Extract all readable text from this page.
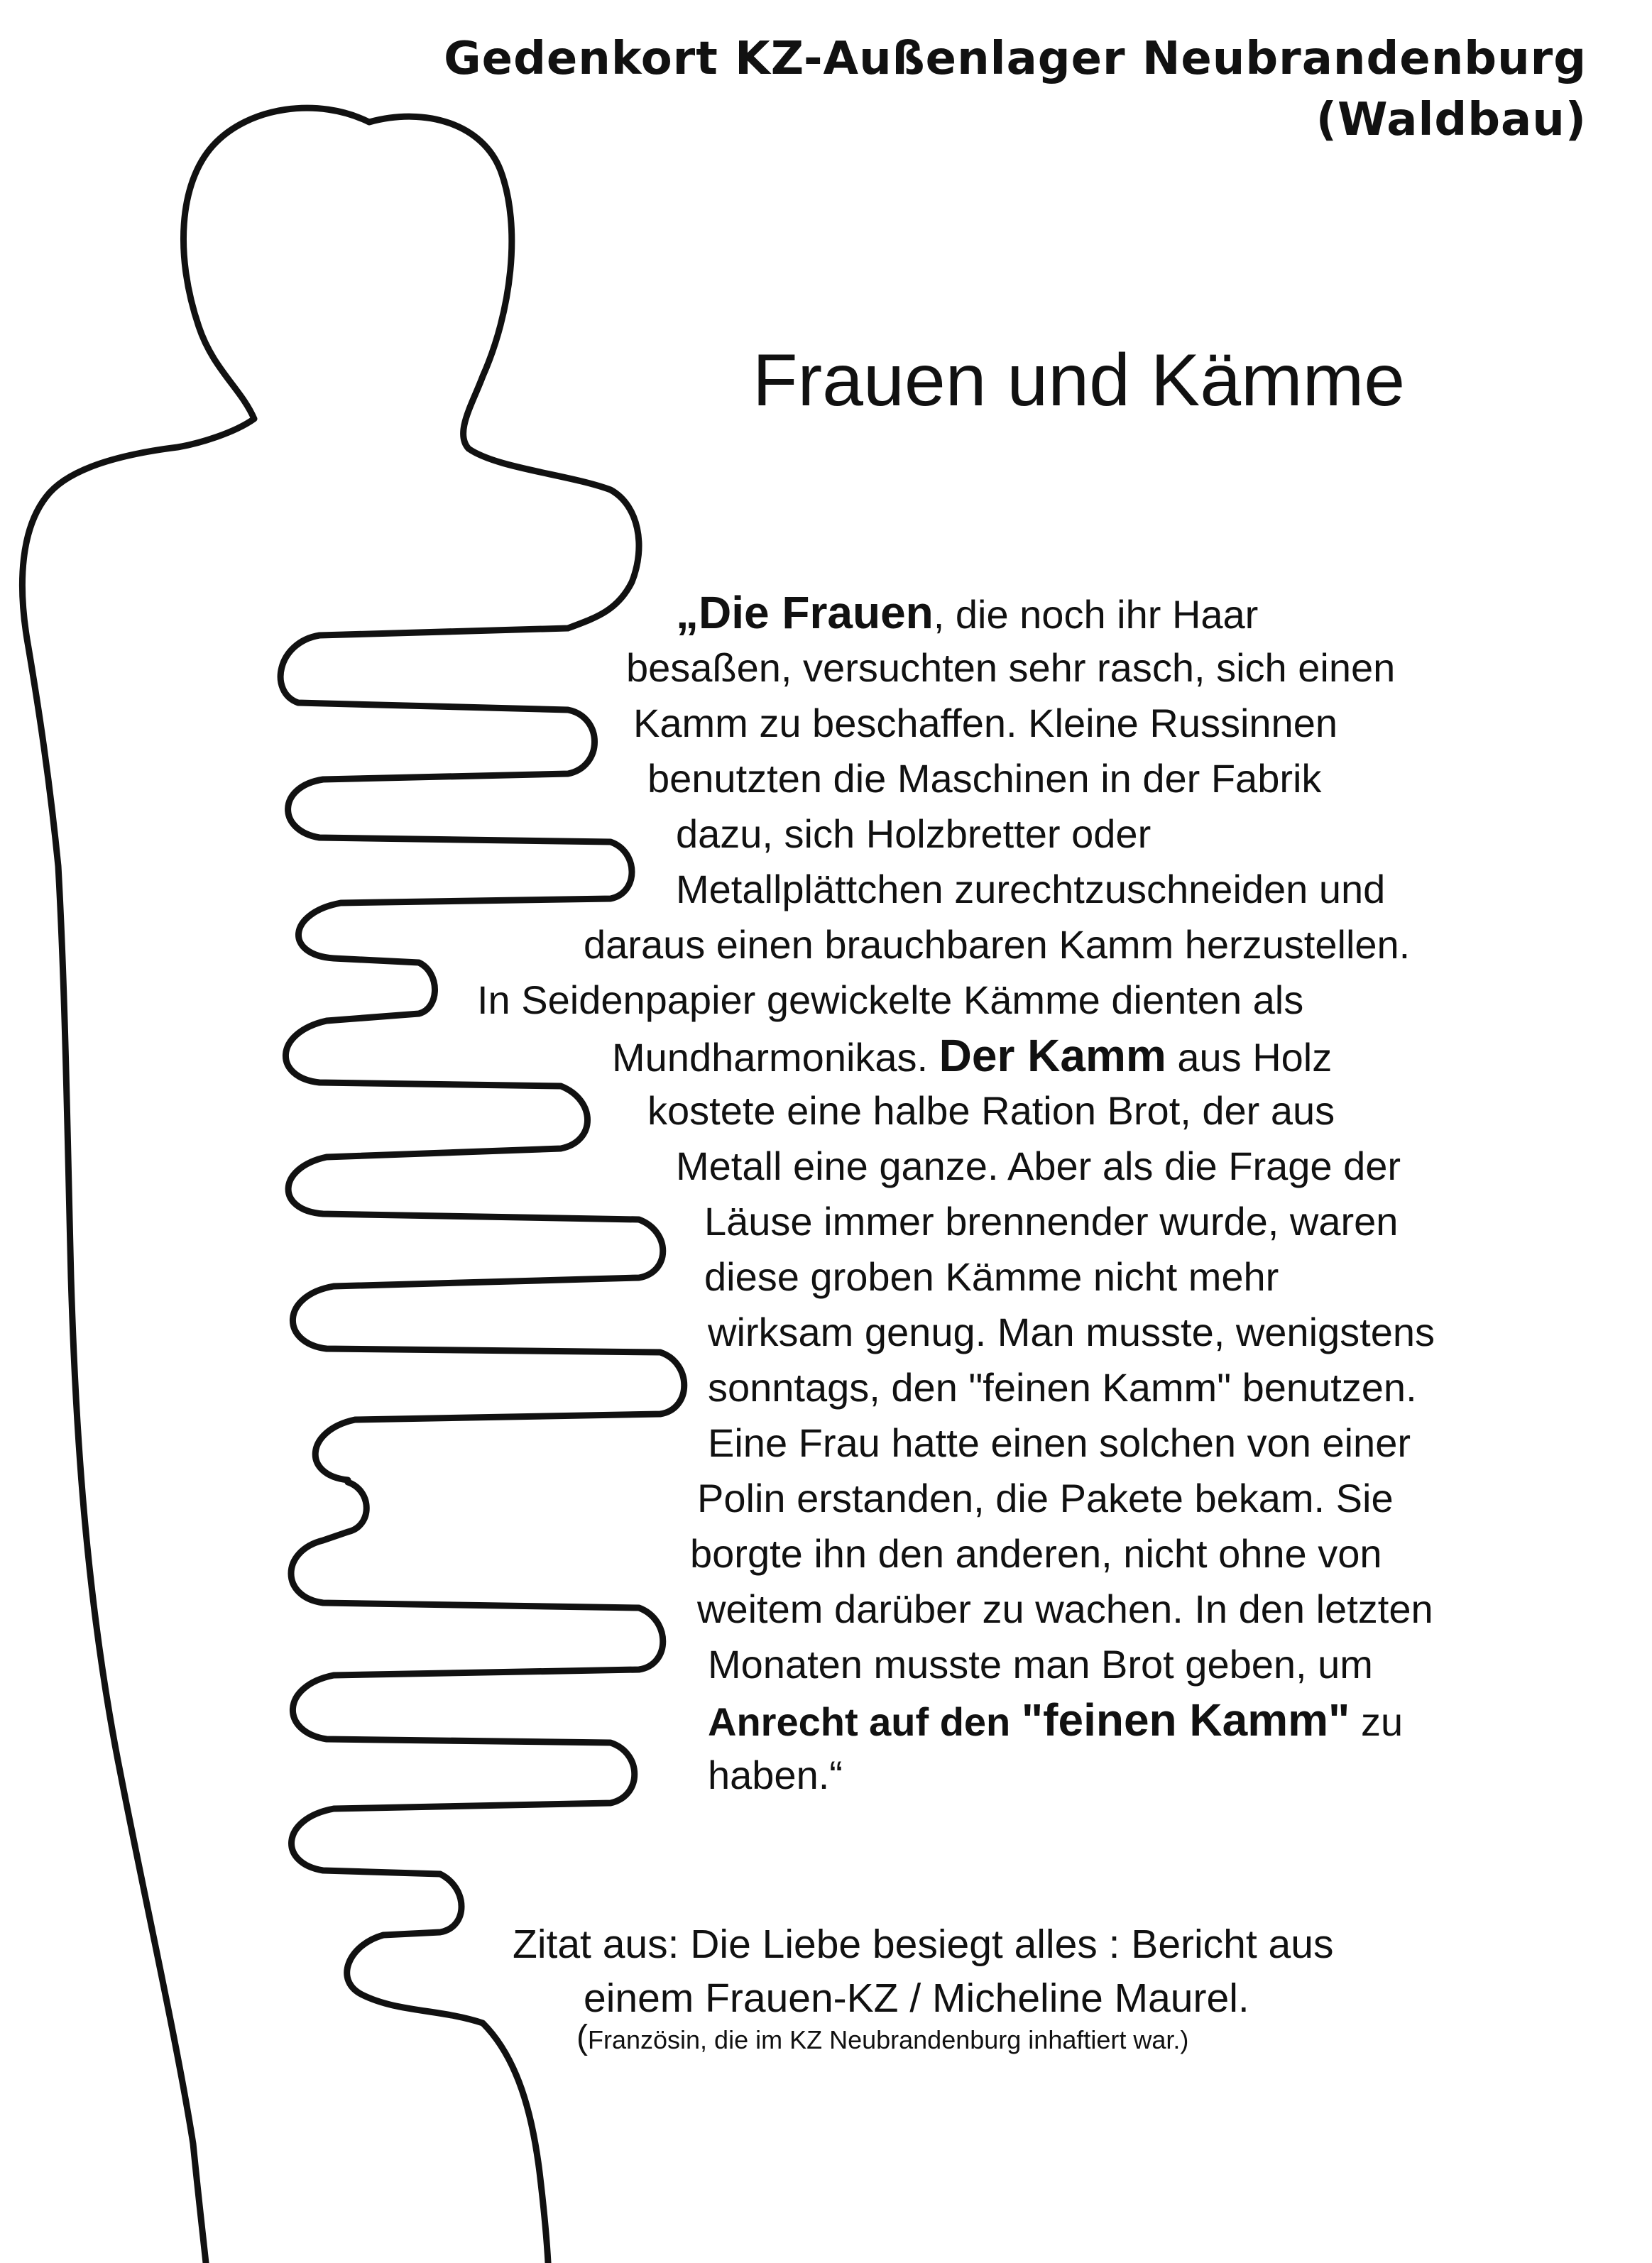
Gedenkort KZ-Außenlager Neubrandenburg
(Waldbau)
Frauen und Kämme
„Die Frauen, die noch ihr Haar
besaßen, versuchten sehr rasch, sich einen
Kamm zu beschaffen. Kleine Russinnen
benutzten die Maschinen in der Fabrik
dazu, sich Holzbretter oder
Metallplättchen zurechtzuschneiden und
daraus einen brauchbaren Kamm herzustellen.
In Seidenpapier gewickelte Kämme dienten als
Mundharmonikas. Der Kamm aus Holz
kostete eine halbe Ration Brot, der aus
Metall eine ganze. Aber als die Frage der
Läuse immer brennender wurde, waren
diese groben Kämme nicht mehr
wirksam genug. Man musste, wenigstens
sonntags, den "feinen Kamm" benutzen.
Eine Frau hatte einen solchen von einer
Polin erstanden, die Pakete bekam. Sie
borgte ihn den anderen, nicht ohne von
weitem darüber zu wachen. In den letzten
Monaten musste man Brot geben, um
Anrecht auf den "feinen Kamm" zu
haben.“
Zitat aus: Die Liebe besiegt alles : Bericht aus
einem Frauen-KZ / Micheline Maurel.
(Französin, die im KZ Neubrandenburg inhaftiert war.)
